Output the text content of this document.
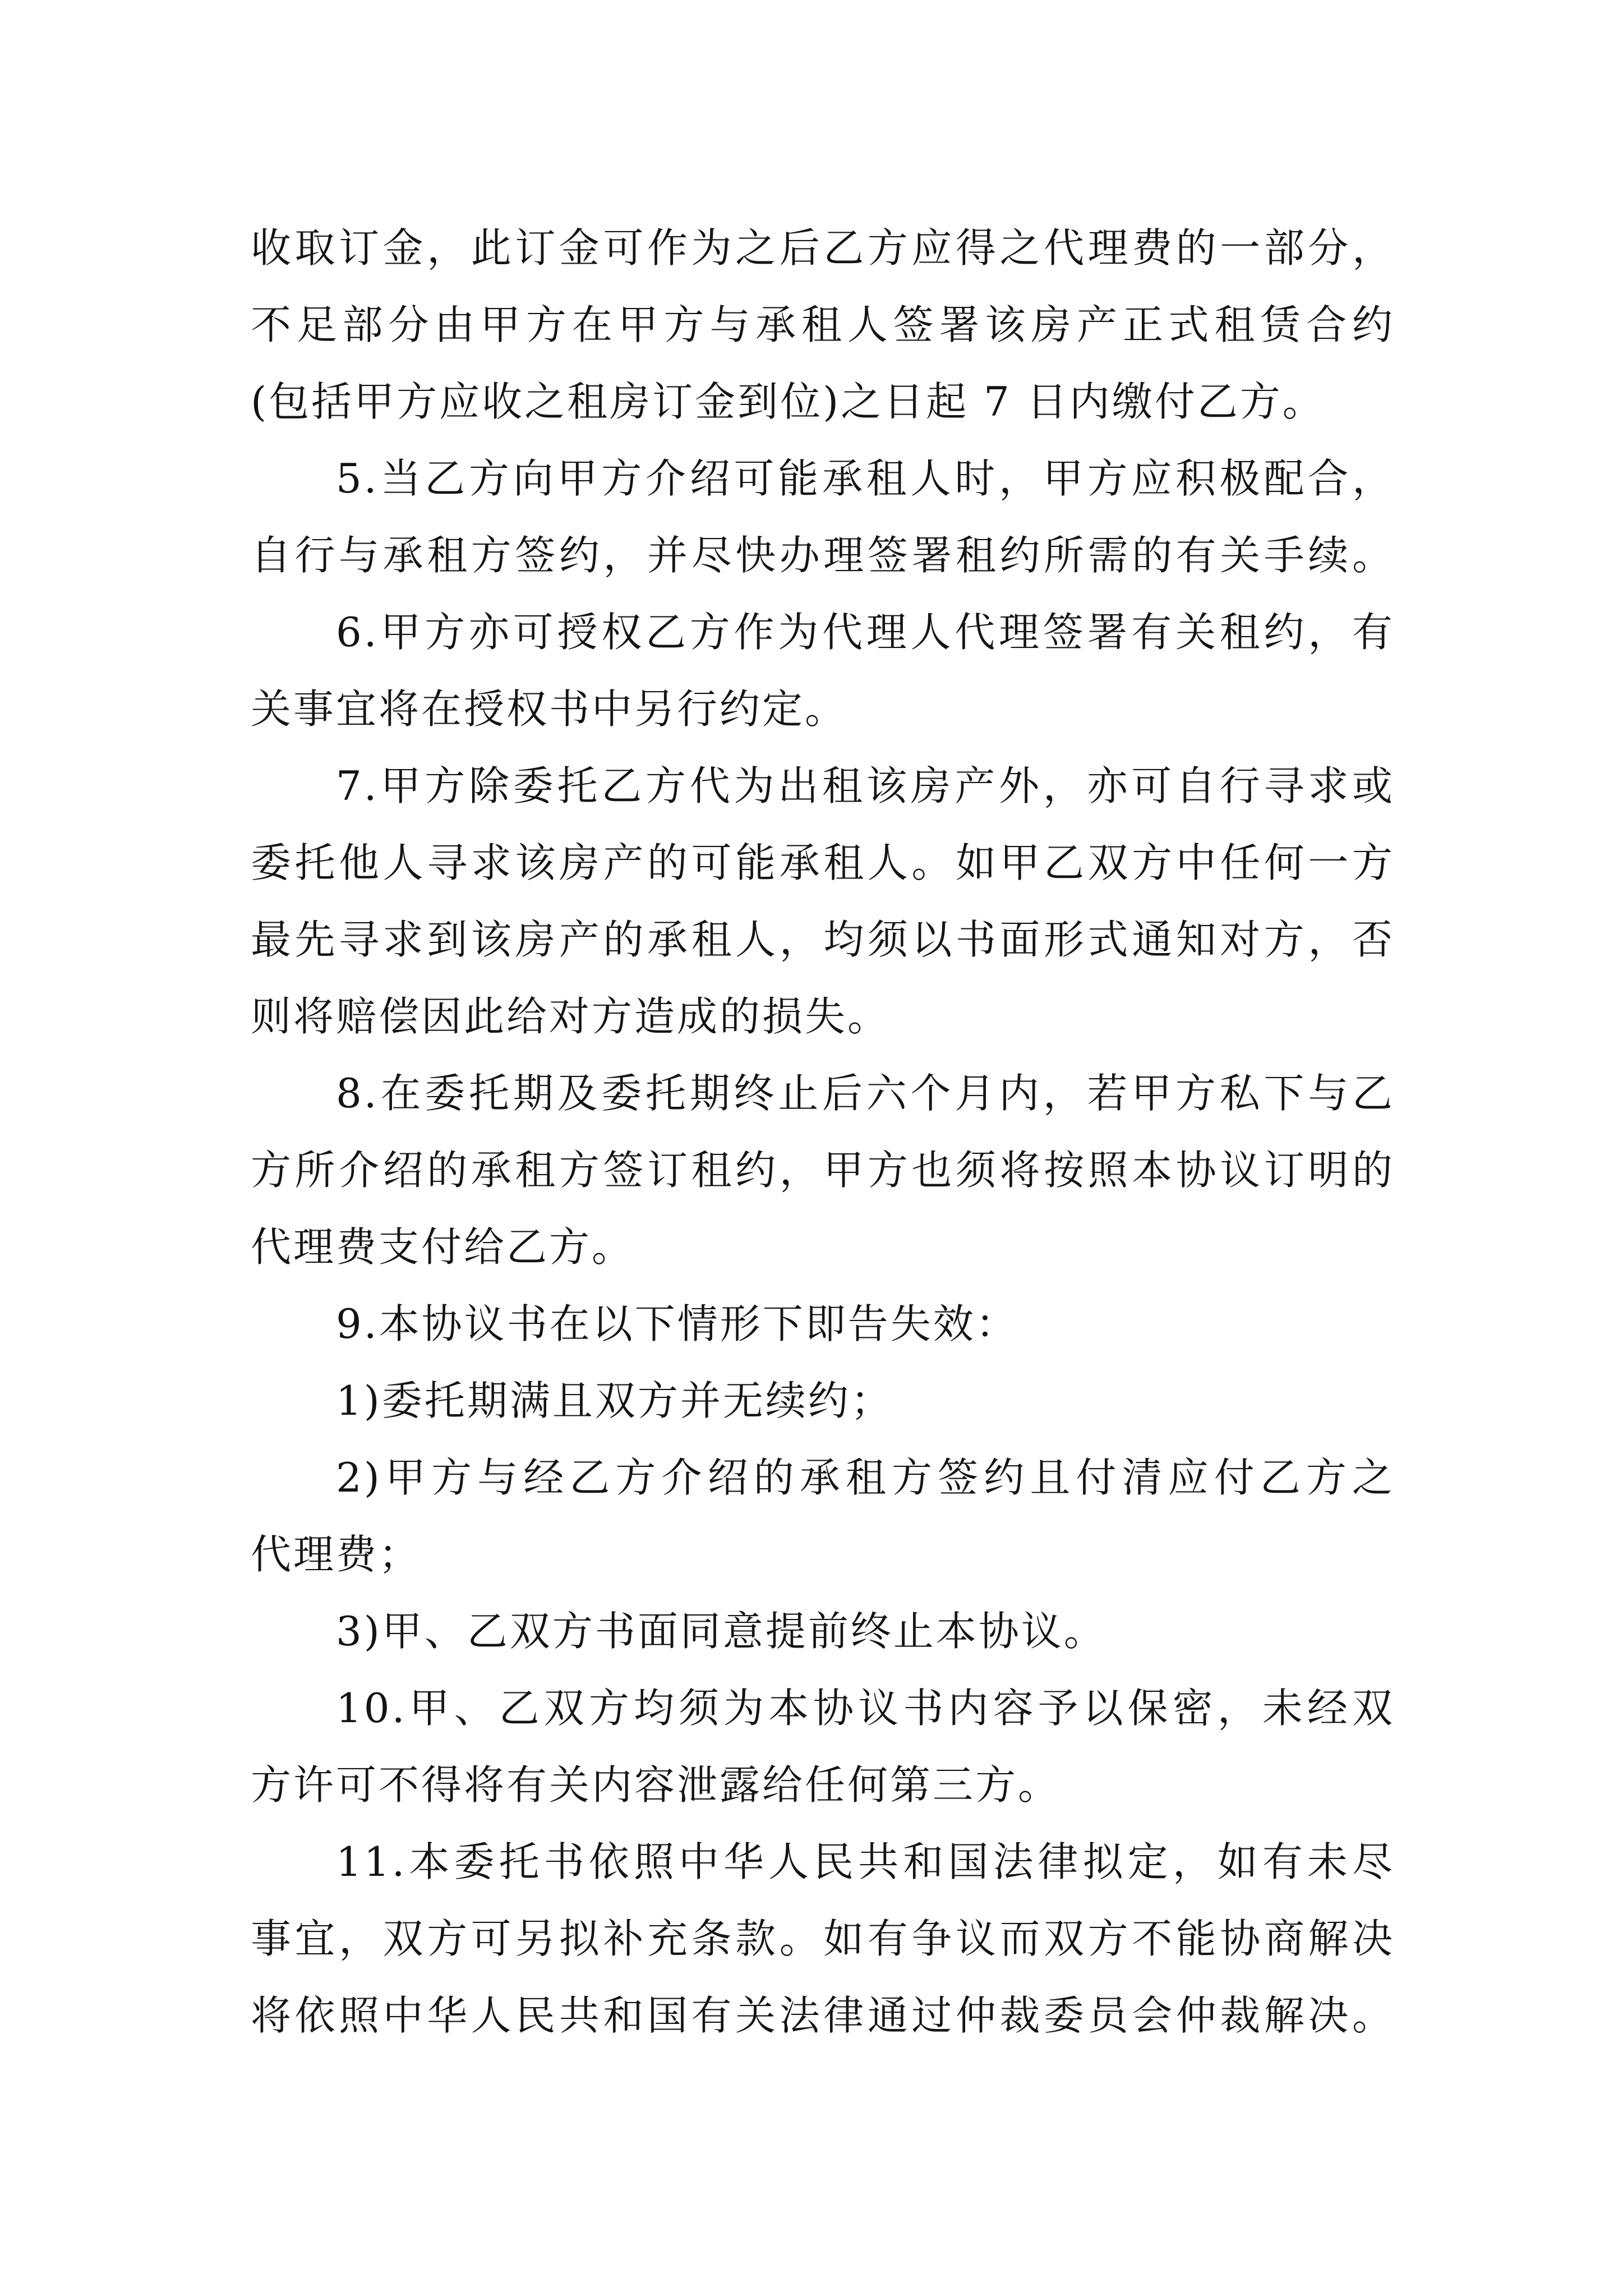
收取订金，此订金可作为之后乙方应得之代理费的一部分，
不足部分由甲方在甲方与承租人签署该房产正式租赁合约
(包括甲方应收之租房订金到位)之日起 7 日内缴付乙方。
5.当乙方向甲方介绍可能承租人时，甲方应积极配合，
自行与承租方签约，并尽快办理签署租约所需的有关手续。
6.甲方亦可授权乙方作为代理人代理签署有关租约，有
关事宜将在授权书中另行约定。
7.甲方除委托乙方代为出租该房产外，亦可自行寻求或
委托他人寻求该房产的可能承租人。如甲乙双方中任何一方
最先寻求到该房产的承租人，均须以书面形式通知对方，否
则将赔偿因此给对方造成的损失。
8.在委托期及委托期终止后六个月内，若甲方私下与乙
方所介绍的承租方签订租约，甲方也须将按照本协议订明的
代理费支付给乙方。
9.本协议书在以下情形下即告失效：
1)委托期满且双方并无续约；
2)甲方与经乙方介绍的承租方签约且付清应付乙方之
代理费；
3)甲、乙双方书面同意提前终止本协议。
10.甲、乙双方均须为本协议书内容予以保密，未经双
方许可不得将有关内容泄露给任何第三方。
11.本委托书依照中华人民共和国法律拟定，如有未尽
事宜，双方可另拟补充条款。如有争议而双方不能协商解决
将依照中华人民共和国有关法律通过仲裁委员会仲裁解决。
